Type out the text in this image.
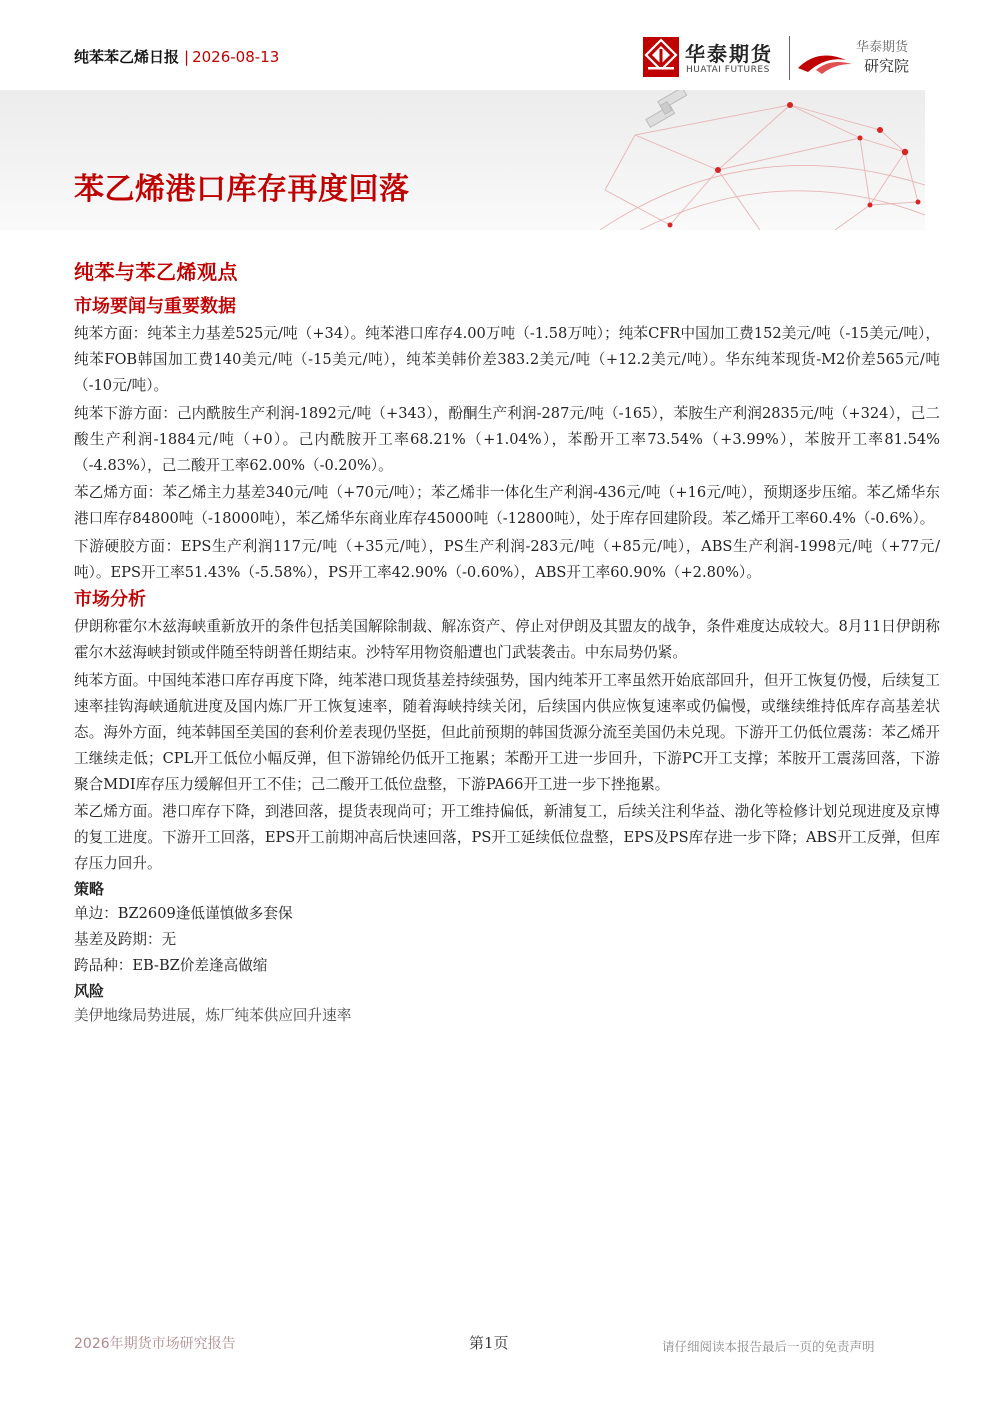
纯苯苯乙烯日报 | 2026-08-13	华泰期货
HUATAI FUTURES
华泰期货
研究院
苯乙烯港口库存再度回落
纯苯与苯乙烯观点
市场要闻与重要数据

纯苯方面：纯苯主力基差525元/吨（+34）。纯苯港口库存4.00万吨（-1.58万吨）；纯苯CFR中国加工费152美元/吨（-15美元/吨），纯苯FOB韩国加工费140美元/吨（-15美元/吨），纯苯美韩价差383.2美元/吨（+12.2美元/吨）。华东纯苯现货-M2价差565元/吨（-10元/吨）。

纯苯下游方面：己内酰胺生产利润-1892元/吨（+343），酚酮生产利润-287元/吨（-165），苯胺生产利润2835元/吨（+324），己二酸生产利润-1884元/吨（+0）。己内酰胺开工率68.21%（+1.04%），苯酚开工率73.54%（+3.99%），苯胺开工率81.54%（-4.83%），己二酸开工率62.00%（-0.20%）。

苯乙烯方面：苯乙烯主力基差340元/吨（+70元/吨）；苯乙烯非一体化生产利润-436元/吨（+16元/吨），预期逐步压缩。苯乙烯华东港口库存84800吨（-18000吨），苯乙烯华东商业库存45000吨（-12800吨），处于库存回建阶段。苯乙烯开工率60.4%（-0.6%）。

下游硬胶方面：EPS生产利润117元/吨（+35元/吨），PS生产利润-283元/吨（+85元/吨），ABS生产利润-1998元/吨（+77元/吨）。EPS开工率51.43%（-5.58%），PS开工率42.90%（-0.60%），ABS开工率60.90%（+2.80%）。

市场分析

伊朗称霍尔木兹海峡重新放开的条件包括美国解除制裁、解冻资产、停止对伊朗及其盟友的战争，条件难度达成较大。8月11日伊朗称霍尔木兹海峡封锁或伴随至特朗普任期结束。沙特军用物资船遭也门武装袭击。中东局势仍紧。

纯苯方面。中国纯苯港口库存再度下降，纯苯港口现货基差持续强势，国内纯苯开工率虽然开始底部回升，但开工恢复仍慢，后续复工速率挂钩海峡通航进度及国内炼厂开工恢复速率，随着海峡持续关闭，后续国内供应恢复速率或仍偏慢，或继续维持低库存高基差状态。海外方面，纯苯韩国至美国的套利价差表现仍坚挺，但此前预期的韩国货源分流至美国仍未兑现。下游开工仍低位震荡：苯乙烯开工继续走低；CPL开工低位小幅反弹，但下游锦纶仍低开工拖累；苯酚开工进一步回升，下游PC开工支撑；苯胺开工震荡回落，下游聚合MDI库存压力缓解但开工不佳；己二酸开工低位盘整，下游PA66开工进一步下挫拖累。

苯乙烯方面。港口库存下降，到港回落，提货表现尚可；开工维持偏低，新浦复工，后续关注利华益、渤化等检修计划兑现进度及京博的复工进度。下游开工回落，EPS开工前期冲高后快速回落，PS开工延续低位盘整，EPS及PS库存进一步下降；ABS开工反弹，但库存压力回升。

策略
单边：BZ2609逢低谨慎做多套保
基差及跨期：无
跨品种：EB-BZ价差逢高做缩
风险
美伊地缘局势进展，炼厂纯苯供应回升速率
2026年期货市场研究报告	第1页	请仔细阅读本报告最后一页的免责声明
